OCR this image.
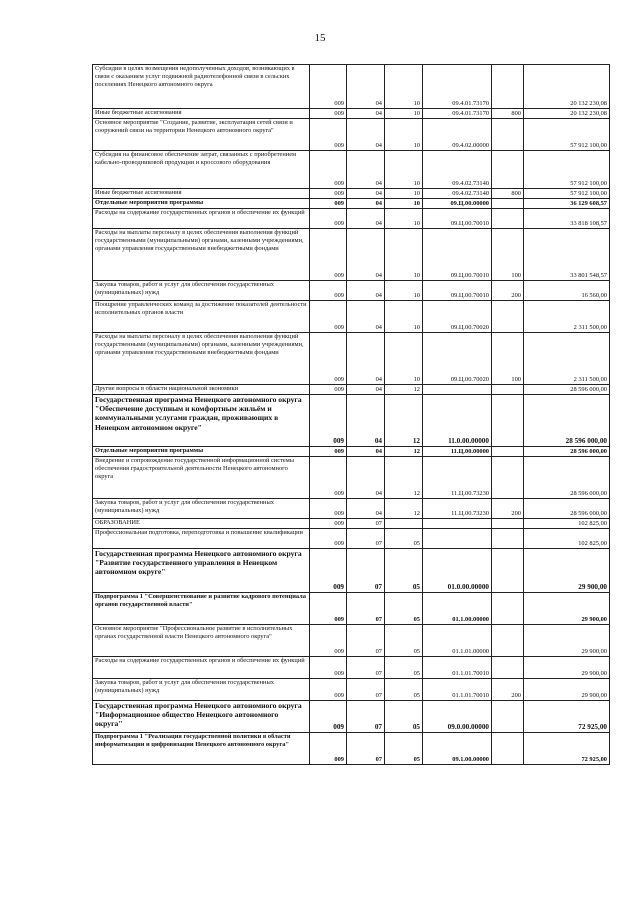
15
Субсидии в целях возмещения недополученных доходов, возникающих в связи с оказанием услуг подвижной радиотелефонной связи в сельских поселениях Ненецкого автономного округа	009	04	10	09.4.01.73170		20 132 230,08
Иные бюджетные ассигнования	009	04	10	09.4.01.73170	800	20 132 230,08
Основное мероприятие "Создание, развитие, эксплуатация сетей связи и сооружений связи на территории Ненецкого автономного округа"	009	04	10	09.4.02.00000		57 912 100,00
Субсидия на финансовое обеспечение затрат, связанных с приобретением кабельно-проводниковой продукции и кроссового оборудования	009	04	10	09.4.02.73140		57 912 100,00
Иные бюджетные ассигнования	009	04	10	09.4.02.73140	800	57 912 100,00
Отдельные мероприятия программы	009	04	10	09.Ц.00.00000		36 129 608,57
Расходы на содержание государственных органов и обеспечение их функций	009	04	10	09.Ц.00.70010		33 818 108,57
Расходы на выплаты персоналу в целях обеспечения выполнения функций государственными (муниципальными) органами, казенными учреждениями, органами управления государственными внебюджетными фондами	009	04	10	09.Ц.00.70010	100	33 801 548,57
Закупка товаров, работ и услуг для обеспечения государственных (муниципальных) нужд	009	04	10	09.Ц.00.70010	200	16 560,00
Поощрение управленческих команд за достижение показателей деятельности исполнительных органов власти	009	04	10	09.Ц.00.70020		2 311 500,00
Расходы на выплаты персоналу в целях обеспечения выполнения функций государственными (муниципальными) органами, казенными учреждениями, органами управления государственными внебюджетными фондами	009	04	10	09.Ц.00.70020	100	2 311 500,00
Другие вопросы в области национальной экономики	009	04	12			28 596 000,00
Государственная программа Ненецкого автономного округа "Обеспечение доступным и комфортным жильём и коммунальными услугами граждан, проживающих в Ненецком автономном округе"	009	04	12	11.0.00.00000		28 596 000,00
Отдельные мероприятия программы	009	04	12	11.Ц.00.00000		28 596 000,00
Внедрение и сопровождение государственной информационной системы обеспечения градостроительной деятельности Ненецкого автономного округа	009	04	12	11.Ц.00.73230		28 596 000,00
Закупка товаров, работ и услуг для обеспечения государственных (муниципальных) нужд	009	04	12	11.Ц.00.73230	200	28 596 000,00
ОБРАЗОВАНИЕ	009	07				102 825,00
Профессиональная подготовка, переподготовка и повышение квалификации	009	07	05			102 825,00
Государственная программа Ненецкого автономного округа "Развитие государственного управления в Ненецком автономном округе"	009	07	05	01.0.00.00000		29 900,00
Подпрограмма 1 "Совершенствование и развитие кадрового потенциала органов государственной власти"	009	07	05	01.1.00.00000		29 900,00
Основное мероприятие "Профессиональное развитие в исполнительных органах государственной власти Ненецкого автономного округа"	009	07	05	01.1.01.00000		29 900,00
Расходы на содержание государственных органов и обеспечение их функций	009	07	05	01.1.01.70010		29 900,00
Закупка товаров, работ и услуг для обеспечения государственных (муниципальных) нужд	009	07	05	01.1.01.70010	200	29 900,00
Государственная программа Ненецкого автономного округа "Информационное общество Ненецкого автономного округа"	009	07	05	09.0.00.00000		72 925,00
Подпрограмма 1 "Реализация государственной политики в области информатизации и цифровизации Ненецкого автономного округа"	009	07	05	09.1.00.00000		72 925,00
